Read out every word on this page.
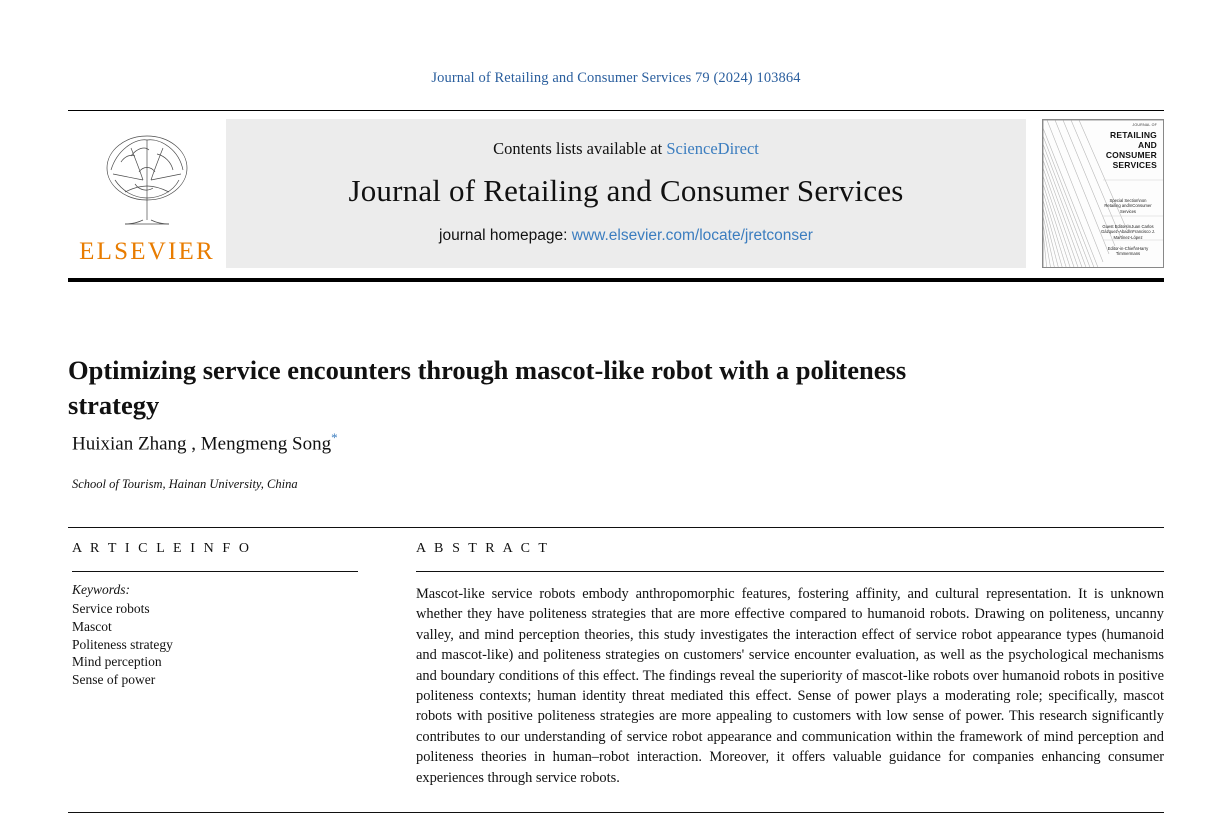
Journal of Retailing and Consumer Services 79 (2024) 103864
ELSEVIER
Contents lists available at ScienceDirect
Journal of Retailing and Consumer Services
journal homepage: www.elsevier.com/locate/jretconser
JOURNAL OF
RETAILING
AND
CONSUMER
SERVICES
Special Section\non Retailing and\nConsumer Services
Guest Editors\nJuan Carlos Gázquez-Abad\nFrancisco J. Martínez-López
Editor-in-Chief\nHarry Timmermans
Optimizing service encounters through mascot-like robot with a politeness strategy
Huixian Zhang , Mengmeng Song*
School of Tourism, Hainan University, China
A R T I C L E I N F O
Keywords:
Service robots
Mascot
Politeness strategy
Mind perception
Sense of power
A B S T R A C T

Mascot-like service robots embody anthropomorphic features, fostering affinity, and cultural representation. It is unknown whether they have politeness strategies that are more effective compared to humanoid robots. Drawing on politeness, uncanny valley, and mind perception theories, this study investigates the interaction effect of service robot appearance types (humanoid and mascot-like) and politeness strategies on customers' service encounter evaluation, as well as the psychological mechanisms and boundary conditions of this effect. The findings reveal the superiority of mascot-like robots over humanoid robots in positive politeness contexts; human identity threat mediated this effect. Sense of power plays a moderating role; specifically, mascot robots with positive politeness strategies are more appealing to customers with low sense of power. This research significantly contributes to our understanding of service robot appearance and communication within the framework of mind perception and politeness theories in human–robot interaction. Moreover, it offers valuable guidance for companies enhancing consumer experiences through service robots.
